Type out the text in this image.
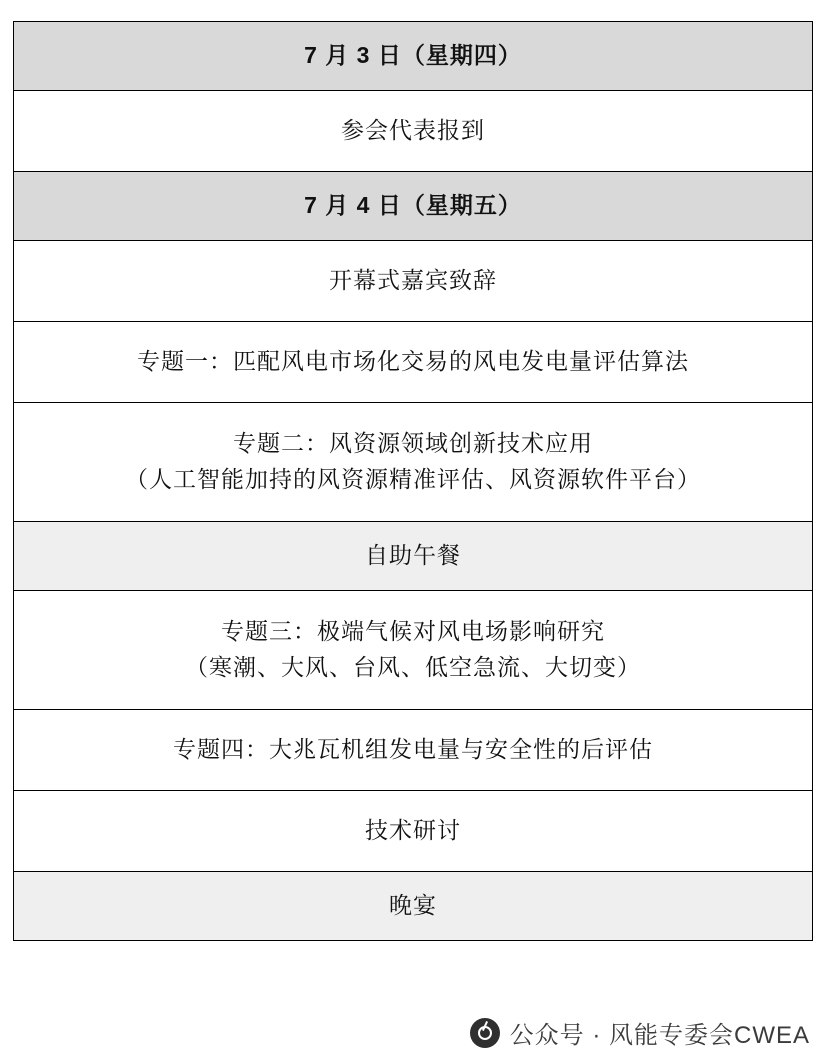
7 月 3 日（星期四）

参会代表报到

7 月 4 日（星期五）

开幕式嘉宾致辞

专题一：匹配风电市场化交易的风电发电量评估算法

专题二：风资源领域创新技术应用
（人工智能加持的风资源精准评估、风资源软件平台）

自助午餐

专题三：极端气候对风电场影响研究
（寒潮、大风、台风、低空急流、大切变）

专题四：大兆瓦机组发电量与安全性的后评估

技术研讨

晚宴
公众号 · 风能专委会CWEA
